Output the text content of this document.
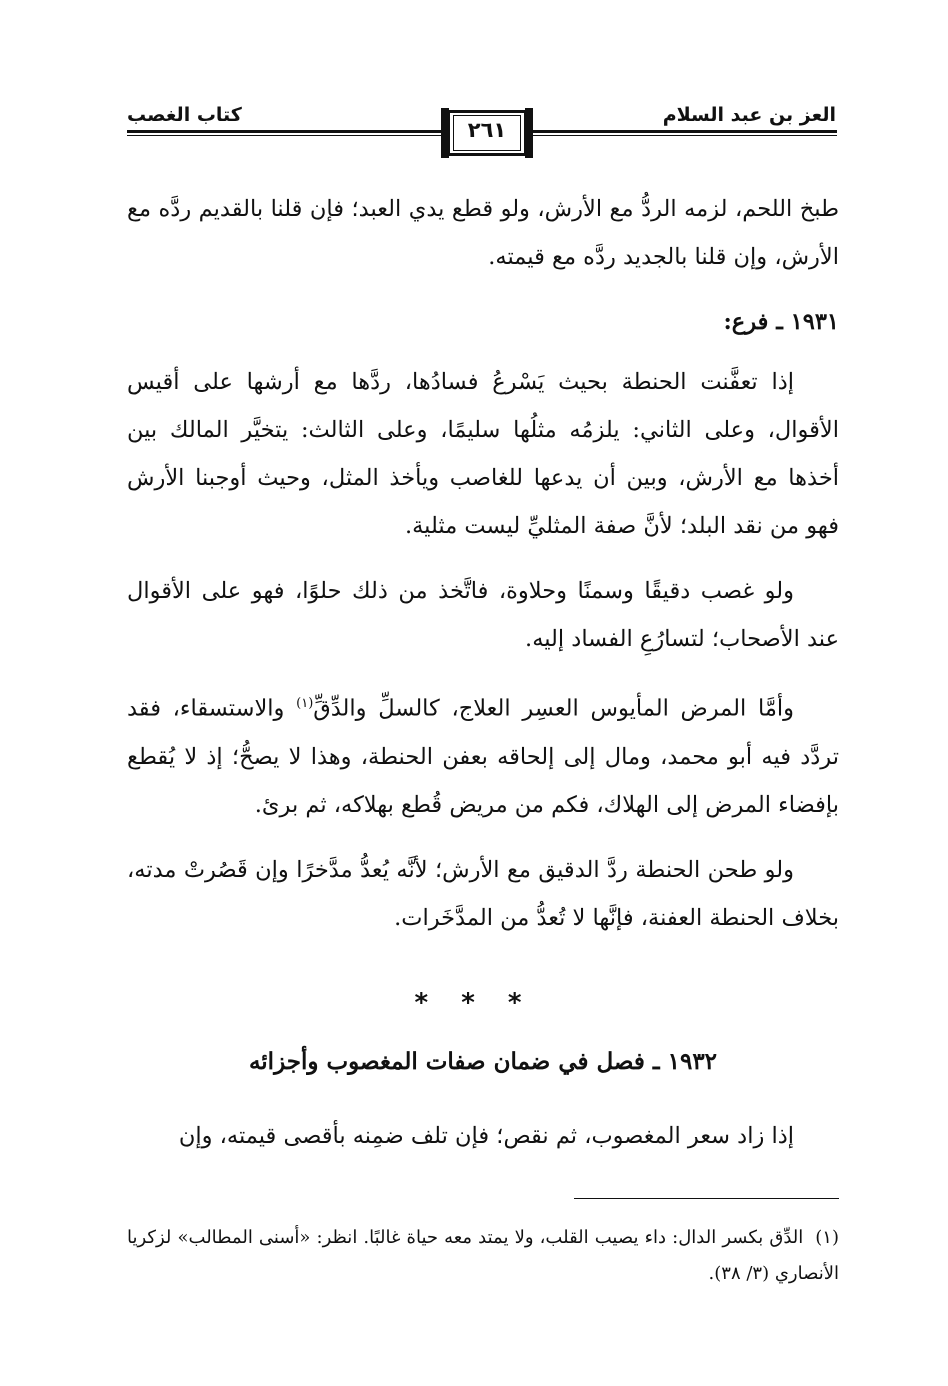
العز بن عبد السلام
كتاب الغصب
٢٦١

طبخ اللحم، لزمه الردُّ مع الأرش، ولو قطع يدي العبد؛ فإن قلنا بالقديم ردَّه مع الأرش، وإن قلنا بالجديد ردَّه مع قيمته.

١٩٣١ ـ فرع:

إذا تعفَّنت الحنطة بحيث يَسْرعُ فسادُها، ردَّها مع أرشها على أقيس الأقوال، وعلى الثاني: يلزمُه مثلُها سليمًا، وعلى الثالث: يتخيَّر المالك بين أخذها مع الأرش، وبين أن يدعها للغاصب ويأخذ المثل، وحيث أوجبنا الأرش فهو من نقد البلد؛ لأنَّ صفة المثليِّ ليست مثلية.

ولو غصب دقيقًا وسمنًا وحلاوة، فاتَّخذ من ذلك حلوًا، فهو على الأقوال عند الأصحاب؛ لتسارُعِ الفساد إليه.

وأمَّا المرض المأيوس العسِر العلاج، كالسلِّ والدِّقِّ$^{(١)}$ والاستسقاء، فقد تردَّد فيه أبو محمد، ومال إلى إلحاقه بعفن الحنطة، وهذا لا يصحُّ؛ إذ لا يُقطع بإفضاء المرض إلى الهلاك، فكم من مريض قُطع بهلاكه، ثم برئ.

ولو طحن الحنطة ردَّ الدقيق مع الأرش؛ لأنَّه يُعدُّ مدَّخرًا وإن قَصُرتْ مدته، بخلاف الحنطة العفنة، فإنَّها لا تُعدُّ من المدَّخَرات.

* * *
١٩٣٢ ـ فصل في ضمان صفات المغصوب وأجزائه

إذا زاد سعر المغصوب، ثم نقص؛ فإن تلف ضمِنه بأقصى قيمته، وإن

(١)الدِّق بكسر الدال: داء يصيب القلب، ولا يمتد معه حياة غالبًا. انظر: «أسنى المطالب» لزكريا الأنصاري (٣/ ٣٨).
